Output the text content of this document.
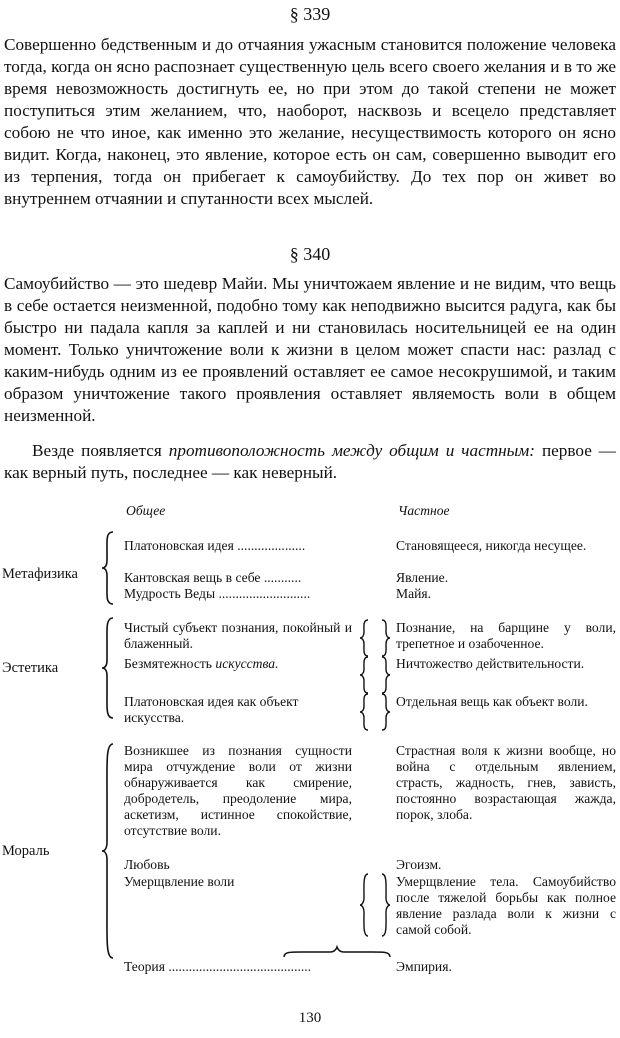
§ 339

Совершенно бедственным и до отчаяния ужасным становится положение человека тогда, когда он ясно распознает существенную цель всего своего желания и в то же время невозможность достигнуть ее, но при этом до такой степени не может поступиться этим желанием, что, наоборот, насквозь и всецело представляет собою не что иное, как именно это желание, несуществимость которого он ясно видит. Когда, наконец, это явление, которое есть он сам, совершенно выводит его из терпения, тогда он прибегает к самоубийству. До тех пор он живет во внутреннем отчаянии и спутанности всех мыслей.

§ 340

Самоубийство — это шедевр Майи. Мы уничтожаем явление и не видим, что вещь в себе остается неизменной, подобно тому как неподвижно высится радуга, как бы быстро ни падала капля за каплей и ни становилась носительницей ее на один момент. Только уничтожение воли к жизни в целом может спасти нас: разлад с каким-нибудь одним из ее проявлений оставляет ее самое несокрушимой, и таким образом уничтожение такого проявления оставляет являемость воли в общем неизменной.

Везде появляется противоположность между общим и частным: первое — как верный путь, последнее — как неверный.

Общее	Частное
Метафизика
Платоновская идея ....................
Кантовская вещь в себе ...........
Мудрость Веды ...........................
Становящееся, никогда несущее.
Явление.
Майя.
Эстетика
Чистый субъект познания, покойный и блаженный.
Безмятежность искусства.
Платоновская идея как объект искусства.
Познание, на барщине у воли, трепетное и озабоченное.
Ничтожество действительности.
Отдельная вещь как объект воли.
Мораль
Возникшее из познания сущности мира отчуждение воли от жизни обнаруживается как смирение, добродетель, преодоление мира, аскетизм, истинное спокойствие, отсутствие воли.
Любовь
Умерщвление воли
Страстная воля к жизни вообще, но война с отдельным явлением, страсть, жадность, гнев, зависть, постоянно возрастающая жажда, порок, злоба.
Эгоизм.
Умерщвление тела. Самоубийство после тяжелой борьбы как полное явление разлада воли к жизни с самой собой.
Теория ..........................................	Эмпирия.
130
